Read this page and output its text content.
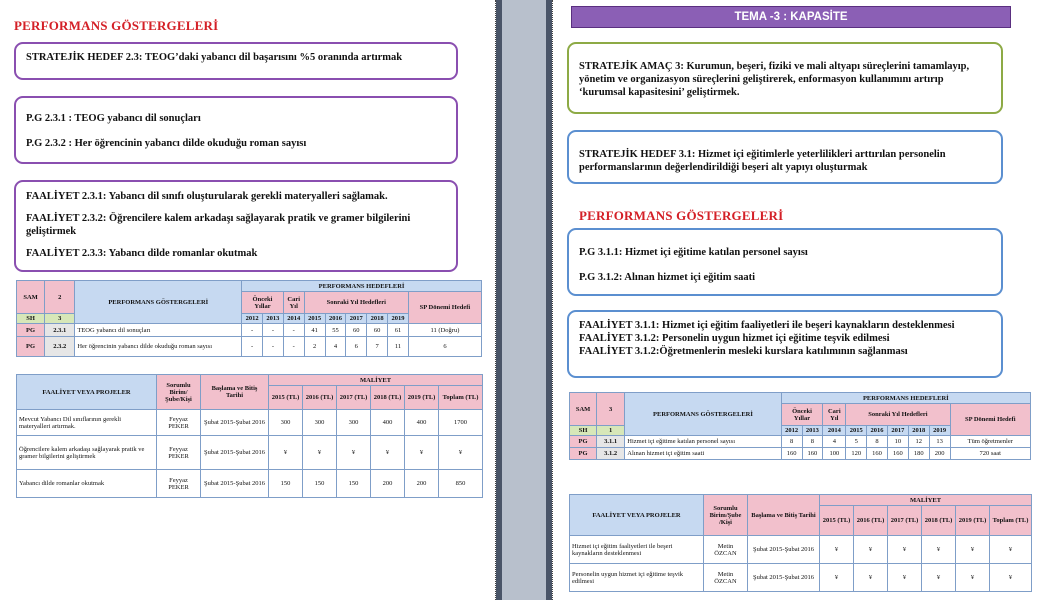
PERFORMANS GÖSTERGELERİ

STRATEJİK HEDEF 2.3: TEOG’daki yabancı dil başarısını %5 oranında artırmak

P.G 2.3.1 : TEOG yabancı dil sonuçları

P.G 2.3.2 : Her öğrencinin yabancı dilde okuduğu roman sayısı

FAALİYET 2.3.1: Yabancı dil sınıfı oluşturularak gerekli materyalleri sağlamak.

FAALİYET 2.3.2: Öğrencilere kalem arkadaşı sağlayarak pratik ve gramer bilgilerini geliştirmek

FAALİYET 2.3.3: Yabancı dilde romanlar okutmak

SAM	2	PERFORMANS GÖSTERGELERİ	PERFORMANS HEDEFLERİ								
			Önceki Yıllar		Cari Yıl	Sonraki Yıl Hedefleri					SP Dönemi Hedefi
SH	3		2012	2013	2014	2015	2016	2017	2018	2019	
PG	2.3.1	TEOG yabancı dil sonuçları	-	-	-	41	55	60	60	61	11 (Doğru)
PG	2.3.2	Her öğrencinin yabancı dilde okuduğu roman sayısı	-	-	-	2	4	6	7	11	6
FAALİYET VEYA PROJELER	Sorumlu Birim/Şube/Kişi	Başlama ve Bitiş Tarihi	MALİYET					
			2015 (TL)	2016 (TL)	2017 (TL)	2018 (TL)	2019 (TL)	Toplam (TL)
Mevcut Yabancı Dil sınıflarının gerekli materyalleri artırmak.	Feyyaz PEKER	Şubat 2015-Şubat 2016	300	300	300	400	400	1700
Öğrencilere kalem arkadaşı sağlayarak pratik ve gramer bilgilerini geliştirmek	Feyyaz PEKER	Şubat 2015-Şubat 2016	¥	¥	¥	¥	¥	¥
Yabancı dilde romanlar okutmak	Feyyaz PEKER	Şubat 2015-Şubat 2016	150	150	150	200	200	850
TEMA -3 : KAPASİTE

STRATEJİK AMAÇ 3: Kurumun, beşeri, fiziki ve mali altyapı süreçlerini tamamlayıp, yönetim ve organizasyon süreçlerini geliştirerek, enformasyon kullanımını artırıp ‘kurumsal kapasitesini’ geliştirmek.

STRATEJİK HEDEF 3.1: Hizmet içi eğitimlerle yeterlilikleri arttırılan personelin performanslarının değerlendirildiği beşeri alt yapıyı oluşturmak

PERFORMANS GÖSTERGELERİ

P.G 3.1.1: Hizmet içi eğitime katılan personel sayısı

P.G 3.1.2: Alınan hizmet içi eğitim saati

FAALİYET 3.1.1: Hizmet içi eğitim faaliyetleri ile beşeri kaynakların desteklenmesi

FAALİYET 3.1.2: Personelin uygun hizmet içi eğitime teşvik edilmesi

FAALİYET 3.1.2:Öğretmenlerin mesleki kurslara katılımının sağlanması

SAM	3	PERFORMANS GÖSTERGELERİ	PERFORMANS HEDEFLERİ								
			Önceki Yıllar		Cari Yıl	Sonraki Yıl Hedefleri					SP Dönemi Hedefi
SH	1		2012	2013	2014	2015	2016	2017	2018	2019	
PG	3.1.1	Hizmet içi eğitime katılan personel sayısı	8	8	4	5	8	10	12	13	Tüm öğretmenler
PG	3.1.2	Alınan hizmet içi eğitim saati	160	160	100	120	160	160	180	200	720 saat
FAALİYET VEYA PROJELER	Sorumlu Birim/Şube /Kişi	Başlama ve Bitiş Tarihi	MALİYET					
			2015 (TL)	2016 (TL)	2017 (TL)	2018 (TL)	2019 (TL)	Toplam (TL)
Hizmet içi eğitim faaliyetleri ile beşeri kaynakların desteklenmesi	Metin ÖZCAN	Şubat 2015-Şubat 2016	¥	¥	¥	¥	¥	¥
Personelin uygun hizmet içi eğitime teşvik edilmesi	Metin ÖZCAN	Şubat 2015-Şubat 2016	¥	¥	¥	¥	¥	¥
